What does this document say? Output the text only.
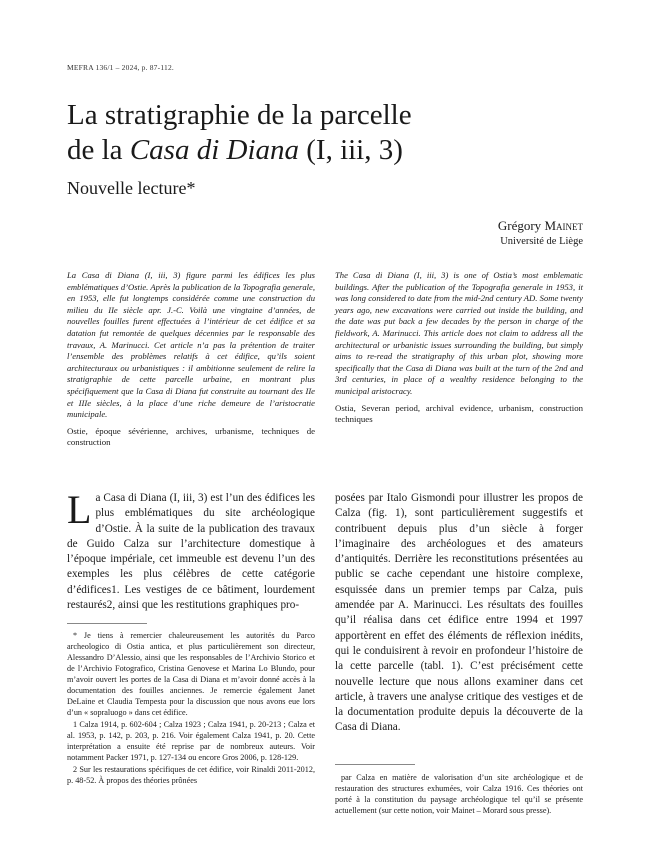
MEFRA 136/1 – 2024, p. 87-112.
La stratigraphie de la parcelle
de la Casa di Diana (I, iii, 3)
Nouvelle lecture*
Grégory Mainet
Université de Liège

La Casa di Diana (I, iii, 3) figure parmi les édifices les plus emblématiques d’Ostie. Après la publication de la Topografia generale, en 1953, elle fut longtemps considérée comme une construction du milieu du IIe siècle apr. J.-C. Voilà une vingtaine d’années, de nouvelles fouilles furent effectuées à l’intérieur de cet édifice et sa datation fut remontée de quelques décennies par le responsable des travaux, A. Marinucci. Cet article n’a pas la prétention de traiter l’ensemble des problèmes relatifs à cet édifice, qu’ils soient architecturaux ou urbanistiques : il ambitionne seulement de relire la stratigraphie de cette parcelle urbaine, en montrant plus spécifiquement que la Casa di Diana fut construite au tournant des IIe et IIIe siècles, à la place d’une riche demeure de l’aristocratie municipale.

Ostie, époque sévérienne, archives, urbanisme, techniques de construction

The Casa di Diana (I, iii, 3) is one of Ostia’s most emblematic buildings. After the publication of the Topografia generale in 1953, it was long considered to date from the mid-2nd century AD. Some twenty years ago, new excavations were carried out inside the building, and the date was put back a few decades by the person in charge of the fieldwork, A. Marinucci. This article does not claim to address all the architectural or urbanistic issues surrounding the building, but simply aims to re-read the stratigraphy of this urban plot, showing more specifically that the Casa di Diana was built at the turn of the 2nd and 3rd centuries, in place of a wealthy residence belonging to the municipal aristocracy.

Ostia, Severan period, archival evidence, urbanism, construction techniques

L a Casa di Diana (I, iii, 3) est l’un des édifices les plus emblématiques du site archéologique d’Ostie. À la suite de la publication des travaux de Guido Calza sur l’architecture domestique à l’époque impériale, cet immeuble est devenu l’un des exemples les plus célèbres de cette catégorie d’édifices1. Les vestiges de ce bâtiment, lourdement restaurés2, ainsi que les restitutions graphiques pro-

posées par Italo Gismondi pour illustrer les propos de Calza (fig. 1), sont particulièrement suggestifs et contribuent depuis plus d’un siècle à forger l’imaginaire des archéologues et des amateurs d’antiquités. Derrière les reconstitutions présentées au public se cache cependant une histoire complexe, esquissée dans un premier temps par Calza, puis amendée par A. Marinucci. Les résultats des fouilles qu’il réalisa dans cet édifice entre 1994 et 1997 apportèrent en effet des éléments de réflexion inédits, qui le conduisirent à revoir en profondeur l’histoire de la cette parcelle (tabl. 1). C’est précisément cette nouvelle lecture que nous allons examiner dans cet article, à travers une analyse critique des vestiges et de la documentation produite depuis la découverte de la Casa di Diana.

* Je tiens à remercier chaleureusement les autorités du Parco archeologico di Ostia antica, et plus particulièrement son directeur, Alessandro D’Alessio, ainsi que les responsables de l’Archivio Storico et de l’Archivio Fotografico, Cristina Genovese et Marina Lo Blundo, pour m’avoir ouvert les portes de la Casa di Diana et m’avoir donné accès à la documentation des fouilles anciennes. Je remercie également Janet DeLaine et Claudia Tempesta pour la discussion que nous avons eue lors d’un « sopraluogo » dans cet édifice.

1 Calza 1914, p. 602-604 ; Calza 1923 ; Calza 1941, p. 20-213 ; Calza et al. 1953, p. 142, p. 203, p. 216. Voir également Calza 1941, p. 20. Cette interprétation a ensuite été reprise par de nombreux auteurs. Voir notamment Packer 1971, p. 127-134 ou encore Gros 2006, p. 128-129.

2 Sur les restaurations spécifiques de cet édifice, voir Rinaldi 2011-2012, p. 48-52. À propos des théories prônées	par Calza en matière de valorisation d’un site archéologique et de restauration des structures exhumées, voir Calza 1916. Ces théories ont porté à la constitution du paysage archéologique tel qu’il se présente actuellement (sur cette notion, voir Mainet – Morard sous presse).
